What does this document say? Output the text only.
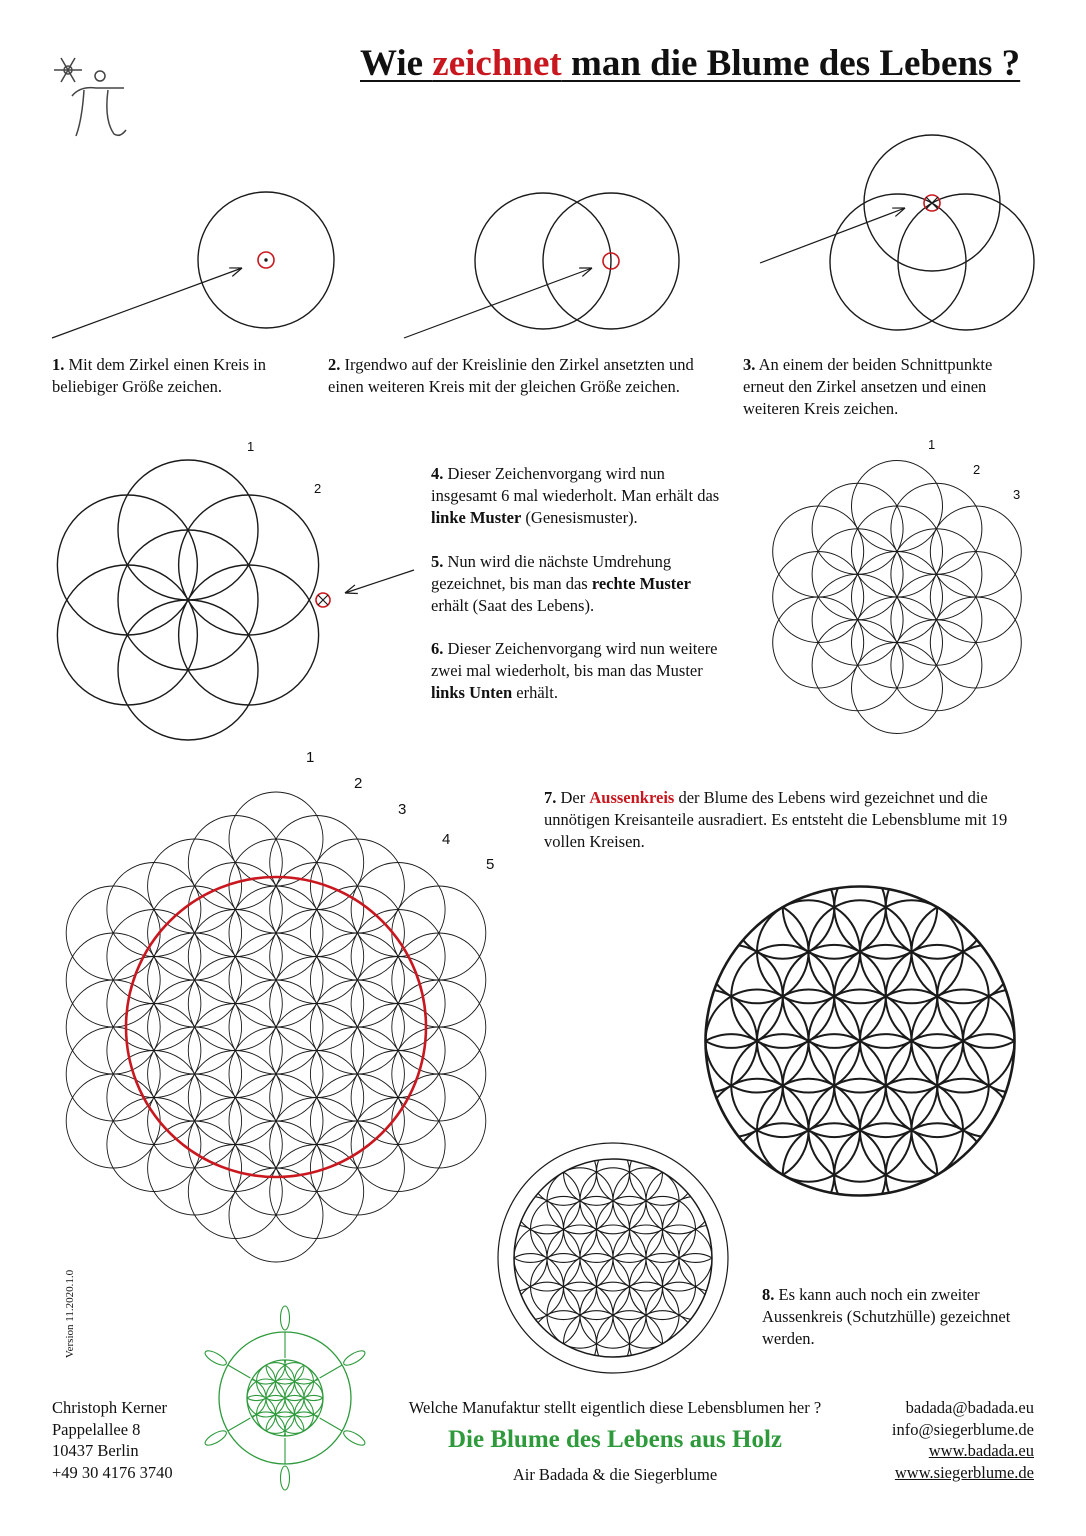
Wie zeichnet man die Blume des Lebens ?
1. Mit dem Zirkel einen Kreis in beliebiger Größe zeichen.
2. Irgendwo auf der Kreislinie den Zirkel ansetzten und einen weiteren Kreis mit der gleichen Größe zeichen.
3. An einem der beiden Schnittpunkte erneut den Zirkel ansetzen und einen weiteren Kreis zeichen.
4. Dieser Zeichenvorgang wird nun insgesamt 6 mal wiederholt. Man erhält das linke Muster (Genesismuster).
5. Nun wird die nächste Umdrehung gezeichnet, bis man das rechte Muster erhält (Saat des Lebens).
6. Dieser Zeichenvorgang wird nun weitere zwei mal wiederholt, bis man das Muster links Unten erhält.
7. Der Aussenkreis der Blume des Lebens wird gezeichnet und die unnötigen Kreisanteile ausradiert. Es entsteht die Lebensblume mit 19 vollen Kreisen.
8. Es kann auch noch ein zweiter Aussenkreis (Schutzhülle) gezeichnet werden.
1
2
1
2
3
1
2
3
4
5
Version 11.2020.1.0
Christoph Kerner
Pappelallee 8
10437 Berlin
+49 30 4176 3740
Welche Manufaktur stellt eigentlich diese Lebensblumen her ?
Die Blume des Lebens aus Holz
Air Badada & die Siegerblume
badada@badada.eu
info@siegerblume.de
www.badada.eu
www.siegerblume.de
